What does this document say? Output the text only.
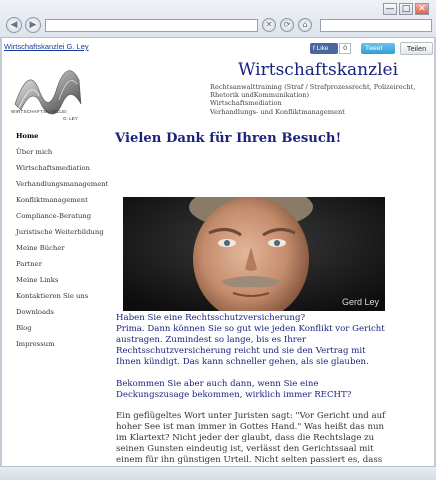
— □ ✕
◀	▶	✕	⟳	⌂
Wirtschaftskanzlei G. Ley	f Like	0	Tweet	Teilen
WIRTSCHAFTSKANZLEI
G. LEY
Wirtschaftskanzlei
Rechtsanwalttraining (Straf / Strafprozessrecht, Polizeirecht,
Rhetorik undKommunikation)
Wirtschaftsmediation
Verhandlungs- und Konfliktmanagement
Home
Über mich
Wirtschaftsmediation
Verhandlungsmanagement
Konfliktmanagement
Compliance-Beratung
Juristische Weiterbildung
Meine Bücher
Partner
Meine Links
Kontaktieren Sie uns
Downloads
Blog
Impressum
Vielen Dank für Ihren Besuch!
Gerd Ley
Haben Sie eine Rechtsschutzversicherung?
Prima. Dann können Sie so gut wie jeden Konflikt vor Gericht
austragen. Zumindest so lange, bis es Ihrer
Rechtsschutzversicherung reicht und sie den Vertrag mit
Ihnen kündigt. Das kann schneller gehen, als sie glauben.
Bekommen Sie aber auch dann, wenn Sie eine
Deckungszusage bekommen, wirklich immer RECHT?
Ein geflügeltes Wort unter Juristen sagt: "Vor Gericht und auf
hoher See ist man immer in Gottes Hand." Was heißt das nun
im Klartext? Nicht jeder der glaubt, dass die Rechtslage zu
seinen Gunsten eindeutig ist, verlässt den Gerichtssaal mit
einem für ihn günstigen Urteil. Nicht selten passiert es, dass
